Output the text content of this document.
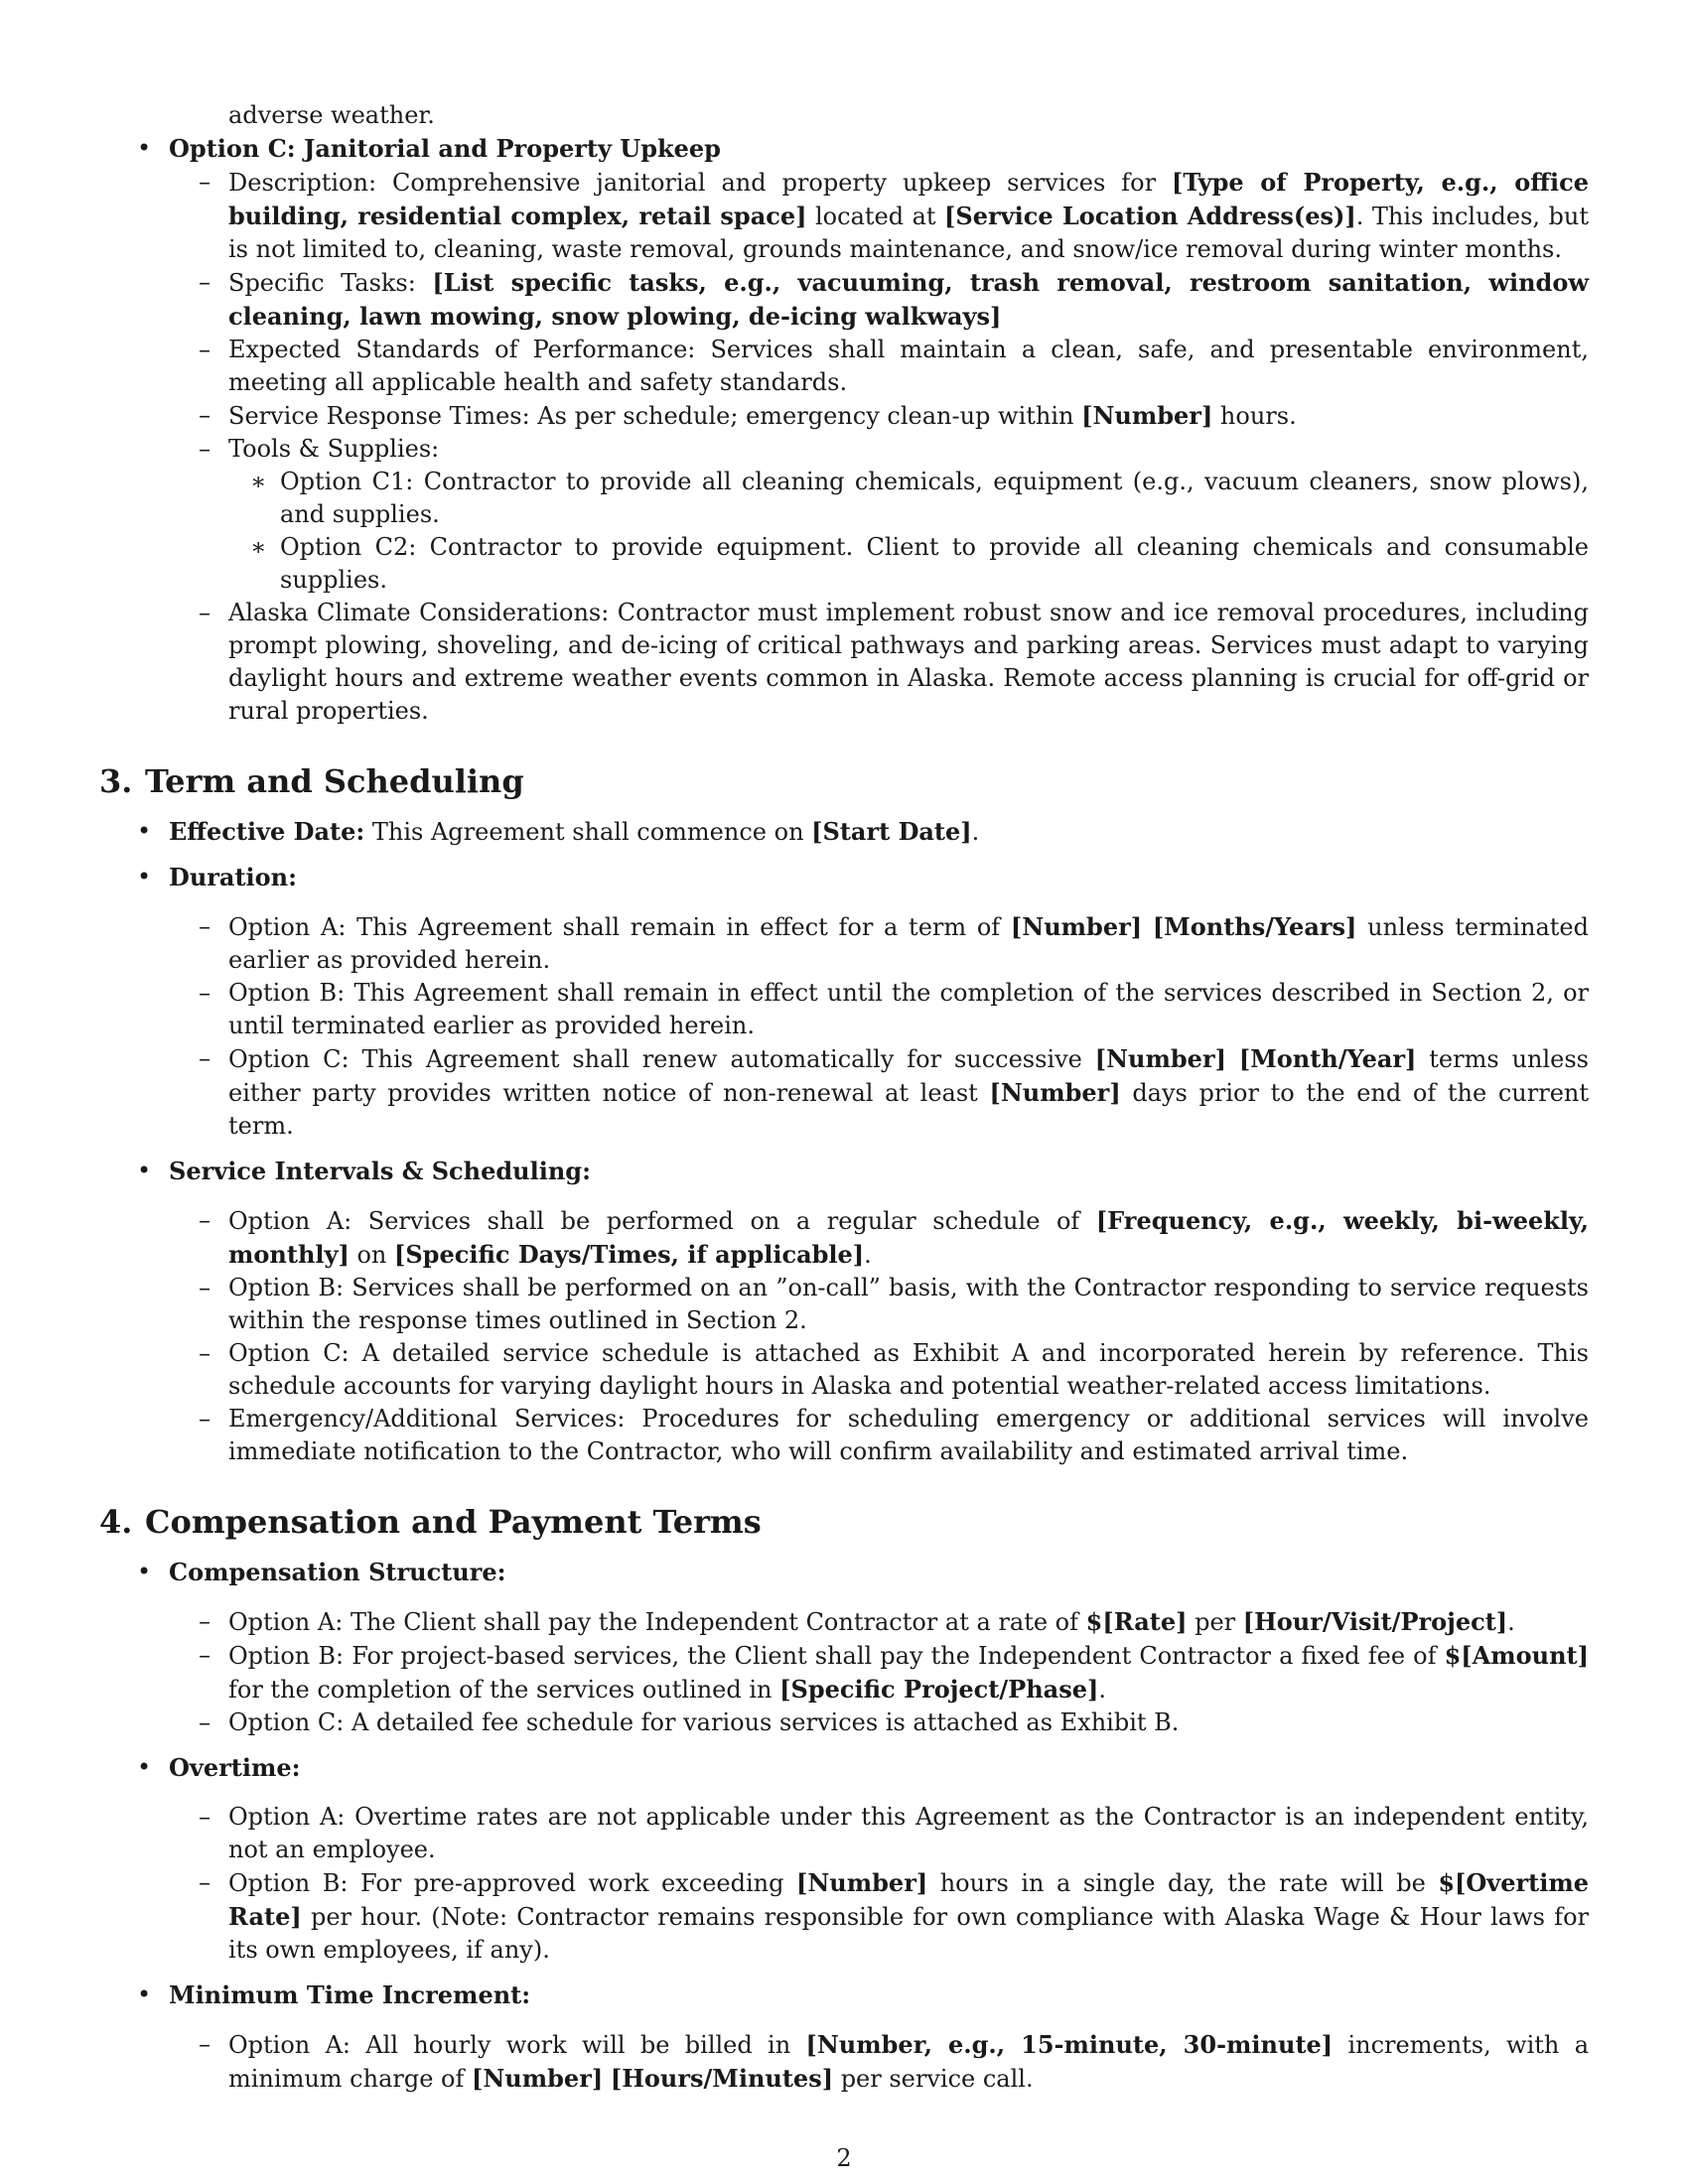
adverse weather.
• Option C: Janitorial and Property Upkeep
– Description: Comprehensive janitorial and property upkeep services for [Type of Property, e.g., office building, residential complex, retail space] located at [Service Location Address(es)]. This includes, but is not limited to, cleaning, waste removal, grounds maintenance, and snow/ice removal during winter months.
– Specific Tasks: [List specific tasks, e.g., vacuuming, trash removal, restroom sanitation, window cleaning, lawn mowing, snow plowing, de-icing walkways]
– Expected Standards of Performance: Services shall maintain a clean, safe, and presentable environment, meeting all applicable health and safety standards.
– Service Response Times: As per schedule; emergency clean-up within [Number] hours.
– Tools & Supplies:
∗ Option C1: Contractor to provide all cleaning chemicals, equipment (e.g., vacuum cleaners, snow plows), and supplies.
∗ Option C2: Contractor to provide equipment. Client to provide all cleaning chemicals and consumable supplies.
– Alaska Climate Considerations: Contractor must implement robust snow and ice removal procedures, including prompt plowing, shoveling, and de-icing of critical pathways and parking areas. Services must adapt to varying daylight hours and extreme weather events common in Alaska. Remote access planning is crucial for off-grid or rural properties.
3. Term and Scheduling
• Effective Date: This Agreement shall commence on [Start Date].
• Duration:
– Option A: This Agreement shall remain in effect for a term of [Number] [Months/Years] unless terminated earlier as provided herein.
– Option B: This Agreement shall remain in effect until the completion of the services described in Section 2, or until terminated earlier as provided herein.
– Option C: This Agreement shall renew automatically for successive [Number] [Month/Year] terms unless either party provides written notice of non-renewal at least [Number] days prior to the end of the current term.
• Service Intervals & Scheduling:
– Option A: Services shall be performed on a regular schedule of [Frequency, e.g., weekly, bi-weekly, monthly] on [Specific Days/Times, if applicable].
– Option B: Services shall be performed on an ”on-call” basis, with the Contractor responding to service requests within the response times outlined in Section 2.
– Option C: A detailed service schedule is attached as Exhibit A and incorporated herein by reference. This schedule accounts for varying daylight hours in Alaska and potential weather-related access limitations.
– Emergency/Additional Services: Procedures for scheduling emergency or additional services will involve immediate notification to the Contractor, who will confirm availability and estimated arrival time.
4. Compensation and Payment Terms
• Compensation Structure:
– Option A: The Client shall pay the Independent Contractor at a rate of $[Rate] per [Hour/Visit/Project].
– Option B: For project-based services, the Client shall pay the Independent Contractor a fixed fee of $[Amount] for the completion of the services outlined in [Specific Project/Phase].
– Option C: A detailed fee schedule for various services is attached as Exhibit B.
• Overtime:
– Option A: Overtime rates are not applicable under this Agreement as the Contractor is an independent entity, not an employee.
– Option B: For pre-approved work exceeding [Number] hours in a single day, the rate will be $[Overtime Rate] per hour. (Note: Contractor remains responsible for own compliance with Alaska Wage & Hour laws for its own employees, if any).
• Minimum Time Increment:
– Option A: All hourly work will be billed in [Number, e.g., 15-minute, 30-minute] increments, with a minimum charge of [Number] [Hours/Minutes] per service call.
2
